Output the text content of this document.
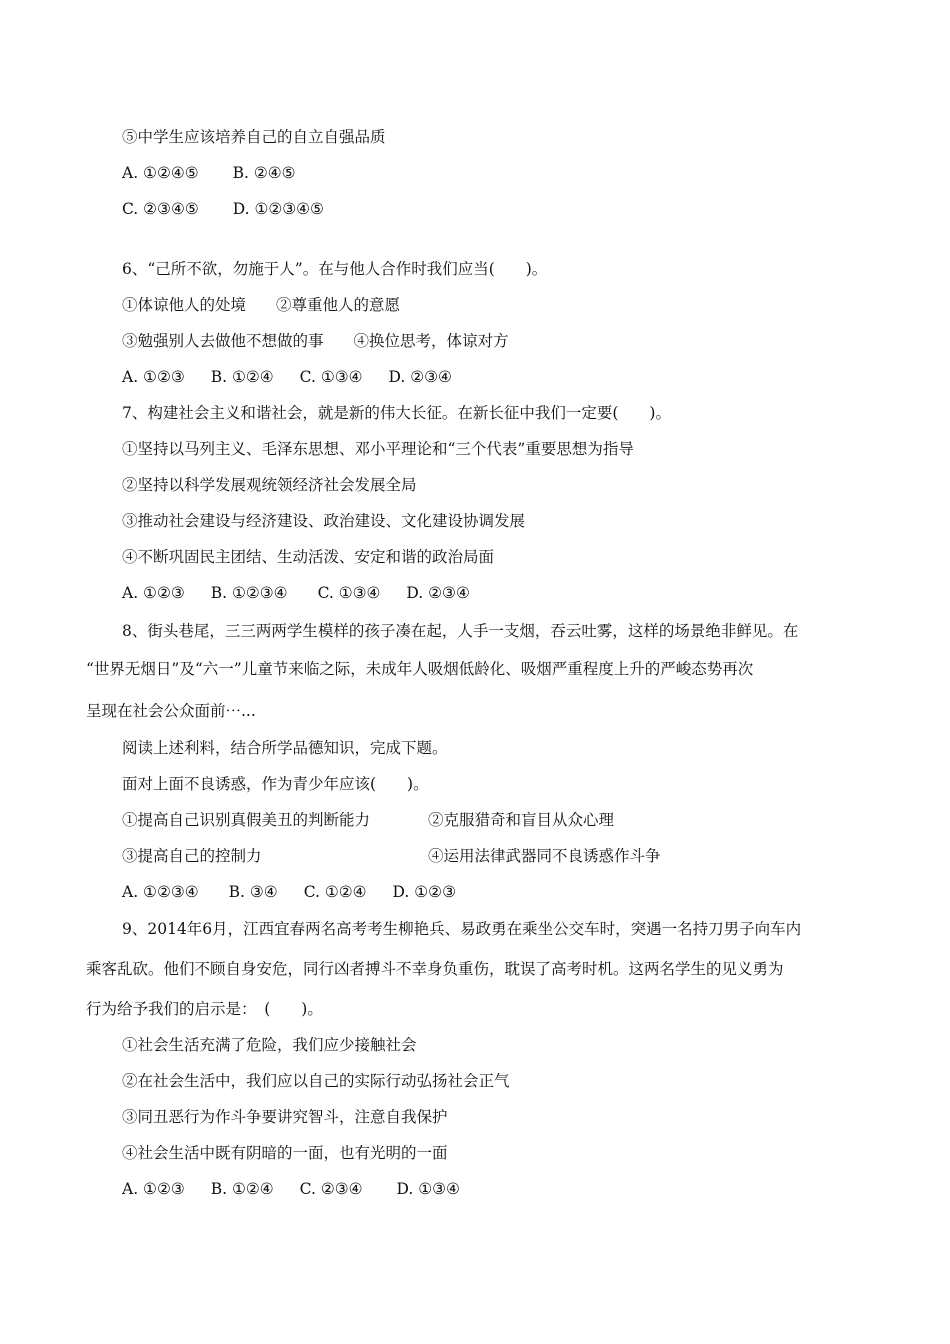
⑤中学生应该培养自己的自立自强品质
A. ①②④⑤ B. ②④⑤
C. ②③④⑤ D. ①②③④⑤
6、“己所不欲，勿施于人”。在与他人合作时我们应当(　　)。
①体谅他人的处境 ②尊重他人的意愿
③勉强别人去做他不想做的事 ④换位思考，体谅对方
A. ①②③ B. ①②④ C. ①③④ D. ②③④
7、构建社会主义和谐社会，就是新的伟大长征。在新长征中我们一定要(　　)。
①坚持以马列主义、毛泽东思想、邓小平理论和“三个代表”重要思想为指导
②坚持以科学发展观统领经济社会发展全局
③推动社会建设与经济建设、政治建设、文化建设协调发展
④不断巩固民主团结、生动活泼、安定和谐的政治局面
A. ①②③ B. ①②③④ C. ①③④ D. ②③④
8、街头巷尾，三三两两学生模样的孩子凑在起，人手一支烟，吞云吐雾，这样的场景绝非鲜见。在
“世界无烟日”及“六一”儿童节来临之际，未成年人吸烟低龄化、吸烟严重程度上升的严峻态势再次
呈现在社会公众面前⋯...
阅读上述利料，结合所学品德知识，完成下题。
面对上面不良诱惑，作为青少年应该(　　)。
①提高自己识别真假美丑的判断能力	②克服猎奇和盲目从众心理
③提高自己的控制力	④运用法律武器同不良诱惑作斗争
A. ①②③④ B. ③④ C. ①②④ D. ①②③
9、2014年6月，江西宜春两名高考考生柳艳兵、易政勇在乘坐公交车时，突遇一名持刀男子向车内
乘客乱砍。他们不顾自身安危，同行凶者搏斗不幸身负重伤，耽误了高考时机。这两名学生的见义勇为
行为给予我们的启示是：　(　　)。
①社会生活充满了危险，我们应少接触社会
②在社会生活中，我们应以自己的实际行动弘扬社会正气
③同丑恶行为作斗争要讲究智斗，注意自我保护
④社会生活中既有阴暗的一面，也有光明的一面
A. ①②③ B. ①②④ C. ②③④ D. ①③④
